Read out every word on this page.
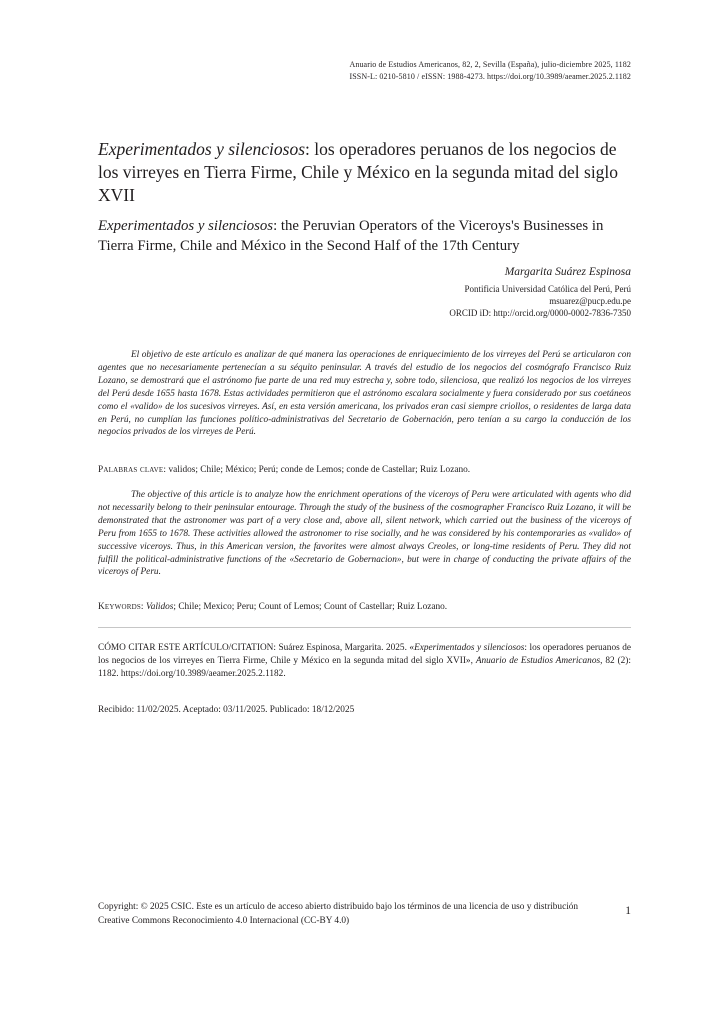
Anuario de Estudios Americanos, 82, 2, Sevilla (España), julio-diciembre 2025, 1182
ISSN-L: 0210-5810 / eISSN: 1988-4273. https://doi.org/10.3989/aeamer.2025.2.1182
Experimentados y silenciosos: los operadores peruanos de los negocios de los virreyes en Tierra Firme, Chile y México en la segunda mitad del siglo XVII
Experimentados y silenciosos: the Peruvian Operators of the Viceroys's Businesses in Tierra Firme, Chile and México in the Second Half of the 17th Century
Margarita Suárez Espinosa
Pontificia Universidad Católica del Perú, Perú
msuarez@pucp.edu.pe
ORCID iD: http://orcid.org/0000-0002-7836-7350
El objetivo de este artículo es analizar de qué manera las operaciones de enriquecimiento de los virreyes del Perú se articularon con agentes que no necesariamente pertenecían a su séquito peninsular. A través del estudio de los negocios del cosmógrafo Francisco Ruiz Lozano, se demostrará que el astrónomo fue parte de una red muy estrecha y, sobre todo, silenciosa, que realizó los negocios de los virreyes del Perú desde 1655 hasta 1678. Estas actividades permitieron que el astrónomo escalara socialmente y fuera considerado por sus coetáneos como el «valido» de los sucesivos virreyes. Así, en esta versión americana, los privados eran casi siempre criollos, o residentes de larga data en Perú, no cumplían las funciones político-administrativas del Secretario de Gobernación, pero tenían a su cargo la conducción de los negocios privados de los virreyes de Perú.
Palabras clave: validos; Chile; México; Perú; conde de Lemos; conde de Castellar; Ruiz Lozano.
The objective of this article is to analyze how the enrichment operations of the viceroys of Peru were articulated with agents who did not necessarily belong to their peninsular entourage. Through the study of the business of the cosmographer Francisco Ruiz Lozano, it will be demonstrated that the astronomer was part of a very close and, above all, silent network, which carried out the business of the viceroys of Peru from 1655 to 1678. These activities allowed the astronomer to rise socially, and he was considered by his contemporaries as «valido» of successive viceroys. Thus, in this American version, the favorites were almost always Creoles, or long-time residents of Peru. They did not fulfill the political-administrative functions of the «Secretario de Gobernacion», but were in charge of conducting the private affairs of the viceroys of Peru.
Keywords: Validos; Chile; Mexico; Peru; Count of Lemos; Count of Castellar; Ruiz Lozano.
CÓMO CITAR ESTE ARTÍCULO/CITATION: Suárez Espinosa, Margarita. 2025. «Experimentados y silenciosos: los operadores peruanos de los negocios de los virreyes en Tierra Firme, Chile y México en la segunda mitad del siglo XVII», Anuario de Estudios Americanos, 82 (2): 1182. https://doi.org/10.3989/aeamer.2025.2.1182.
Recibido: 11/02/2025. Aceptado: 03/11/2025. Publicado: 18/12/2025
Copyright: © 2025 CSIC. Este es un artículo de acceso abierto distribuido bajo los términos de una licencia de uso y distribución Creative Commons Reconocimiento 4.0 Internacional (CC-BY 4.0)
1
